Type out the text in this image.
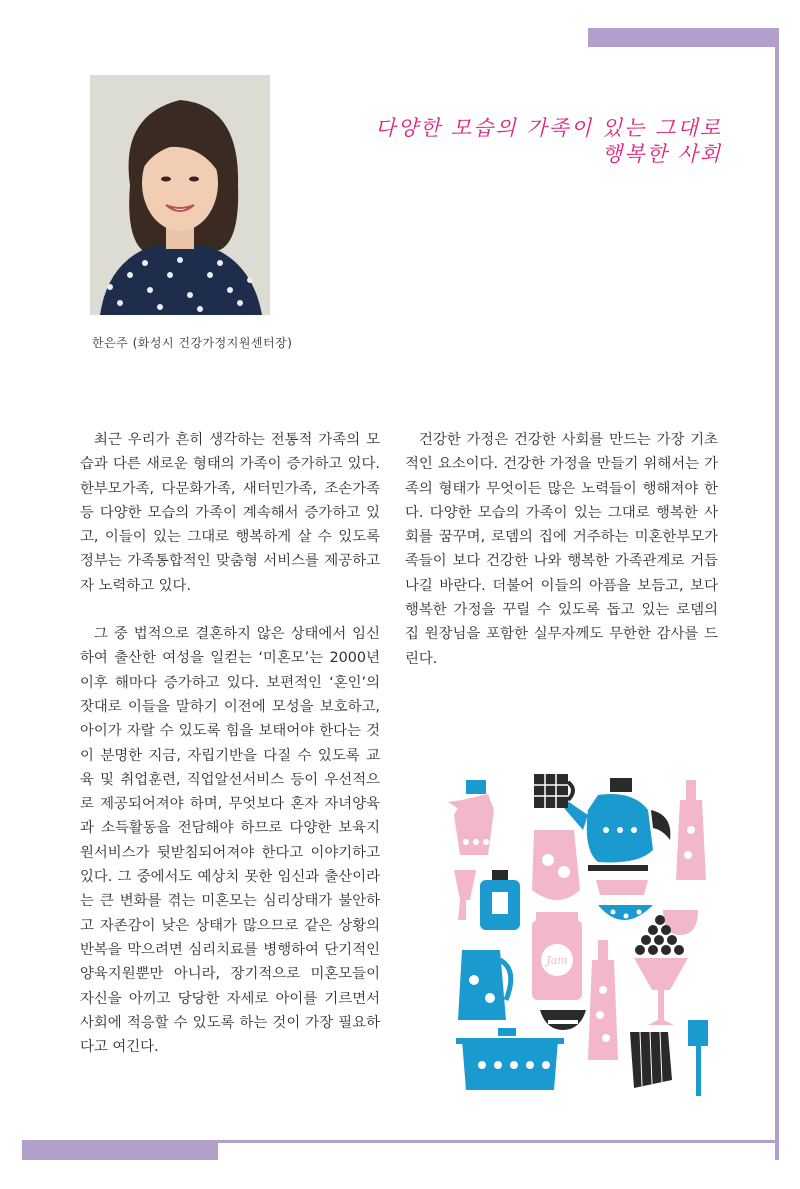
한은주 (화성시 건강가정지원센터장)
다양한 모습의 가족이 있는 그대로
행복한 사회

최근 우리가 흔히 생각하는 전통적 가족의 모습과 다른 새로운 형태의 가족이 증가하고 있다. 한부모가족, 다문화가족, 새터민가족, 조손가족 등 다양한 모습의 가족이 계속해서 증가하고 있고, 이들이 있는 그대로 행복하게 살 수 있도록 정부는 가족통합적인 맞춤형 서비스를 제공하고자 노력하고 있다.

그 중 법적으로 결혼하지 않은 상태에서 임신하여 출산한 여성을 일컫는 ‘미혼모’는 2000년 이후 해마다 증가하고 있다. 보편적인 ‘혼인’의 잣대로 이들을 말하기 이전에 모성을 보호하고, 아이가 자랄 수 있도록 힘을 보태어야 한다는 것이 분명한 지금, 자립기반을 다질 수 있도록 교육 및 취업훈련, 직업알선서비스 등이 우선적으로 제공되어져야 하며, 무엇보다 혼자 자녀양육과 소득활동을 전담해야 하므로 다양한 보육지원서비스가 뒷받침되어져야 한다고 이야기하고 있다. 그 중에서도 예상치 못한 임신과 출산이라는 큰 변화를 겪는 미혼모는 심리상태가 불안하고 자존감이 낮은 상태가 많으므로 같은 상황의 반복을 막으려면 심리치료를 병행하여 단기적인 양육지원뿐만 아니라, 장기적으로 미혼모들이 자신을 아끼고 당당한 자세로 아이를 기르면서 사회에 적응할 수 있도록 하는 것이 가장 필요하다고 여긴다.

건강한 가정은 건강한 사회를 만드는 가장 기초적인 요소이다. 건강한 가정을 만들기 위해서는 가족의 형태가 무엇이든 많은 노력들이 행해져야 한다. 다양한 모습의 가족이 있는 그대로 행복한 사회를 꿈꾸며, 로뎀의 집에 거주하는 미혼한부모가족들이 보다 건강한 나와 행복한 가족관계로 거듭나길 바란다. 더불어 이들의 아픔을 보듬고, 보다 행복한 가정을 꾸릴 수 있도록 돕고 있는 로뎀의 집 원장님을 포함한 실무자께도 무한한 감사를 드린다.

Jam
